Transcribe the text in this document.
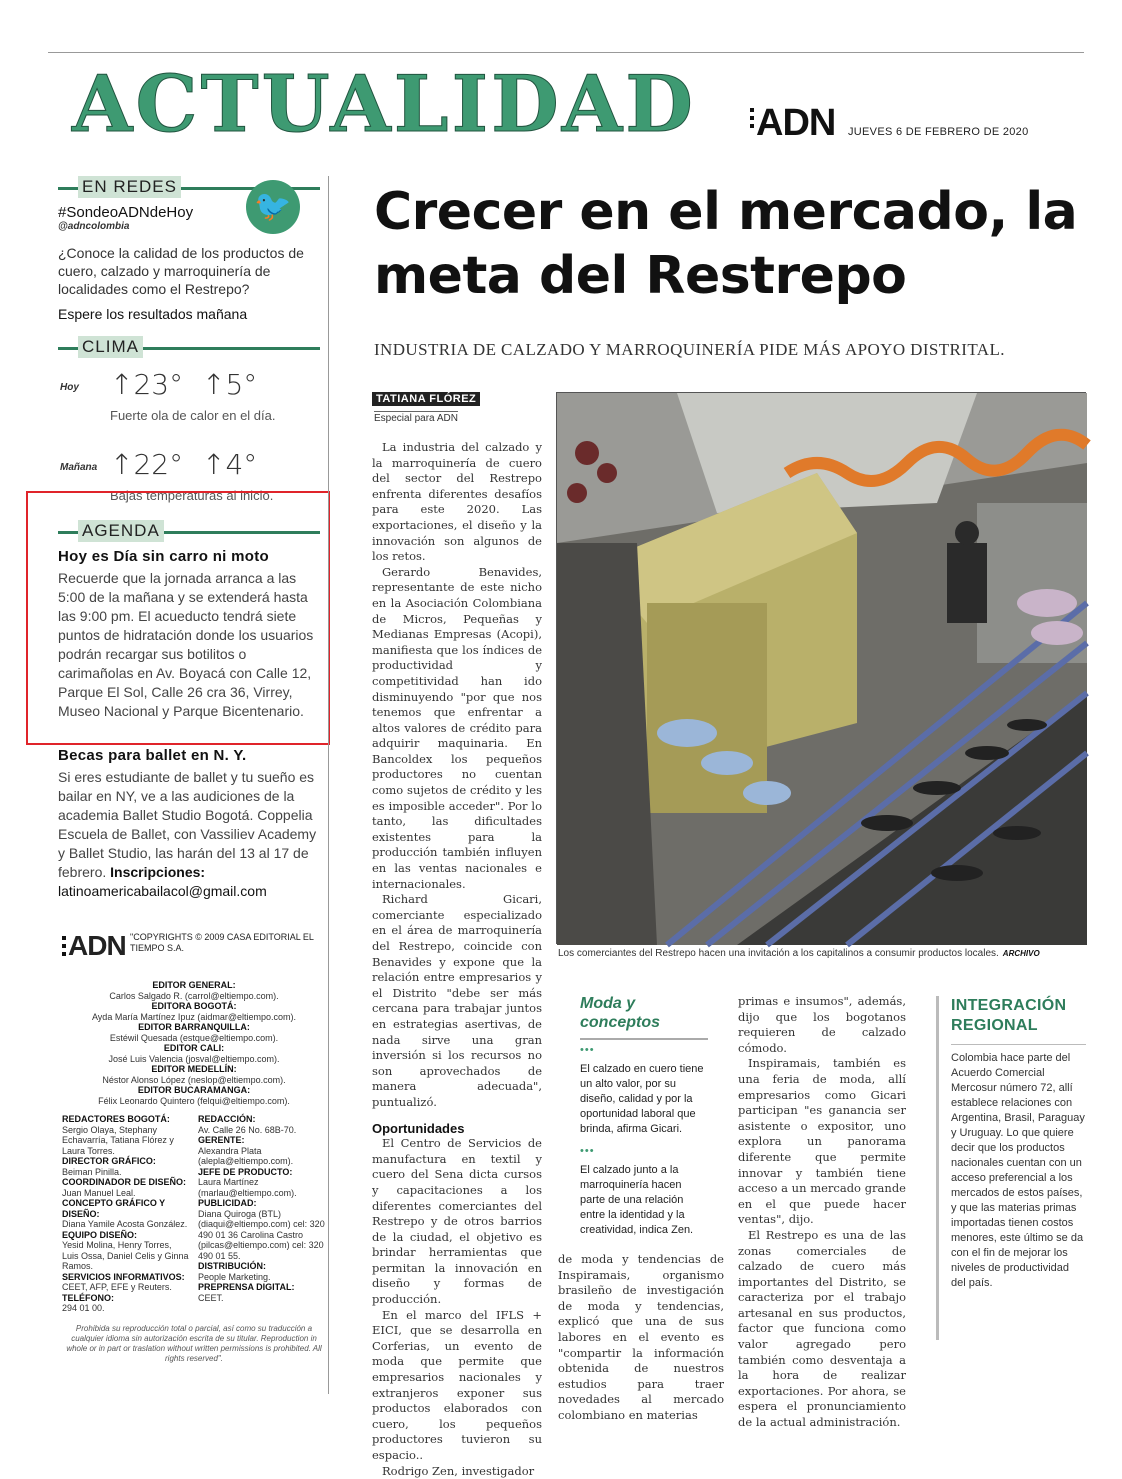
ACTUALIDAD ADN JUEVES 6 DE FEBRERO DE 2020
EN REDES
🐦
#SondeoADNdeHoy
@adncolombia
¿Conoce la calidad de los productos de cuero, calzado y marroquinería de localidades como el Restrepo?
Espere los resultados mañana
CLIMA
Hoy ↑23° ↑5°
Fuerte ola de calor en el día.
Mañana ↑22° ↑4°
Bajas temperaturas al inicio.
AGENDA
Hoy es Día sin carro ni moto
Recuerde que la jornada arranca a las 5:00 de la mañana y se extenderá hasta las 9:00 pm. El acueducto tendrá siete puntos de hidratación donde los usuarios podrán recargar sus botilitos o carimañolas en Av. Boyacá con Calle 12, Parque El Sol, Calle 26 cra 36, Virrey, Museo Nacional y Parque Bicentenario.
Becas para ballet en N. Y.
Si eres estudiante de ballet y tu sueño es bailar en NY, ve a las audiciones de la academia Ballet Studio Bogotá. Coppelia Escuela de Ballet, con Vassiliev Academy y Ballet Studio, las harán del 13 al 17 de febrero. Inscripciones: latinoamericabailacol@gmail.com
ADN "COPYRIGHTS © 2009 CASA EDITORIAL EL TIEMPO S.A.
EDITOR GENERAL:
Carlos Salgado R. (carrol@eltiempo.com).
EDITORA BOGOTÁ:
Ayda María Martínez Ipuz (aidmar@eltiempo.com).
EDITOR BARRANQUILLA:
Estéwil Quesada (estque@eltiempo.com).
EDITOR CALI:
José Luis Valencia (josval@eltiempo.com).
EDITOR MEDELLÍN:
Néstor Alonso López (neslop@eltiempo.com).
EDITOR BUCARAMANGA:
Félix Leonardo Quintero (felqui@eltiempo.com).
REDACTORES BOGOTÁ:
Sergio Olaya, Stephany Echavarría, Tatiana Flórez y Laura Torres.
DIRECTOR GRÁFICO:
Beiman Pinilla.
COORDINADOR DE DISEÑO:
Juan Manuel Leal.
CONCEPTO GRÁFICO Y DISEÑO:
Diana Yamile Acosta González.
EQUIPO DISEÑO:
Yesid Molina, Henry Torres, Luis Ossa, Daniel Celis y Ginna Ramos.
SERVICIOS INFORMATIVOS:
CEET, AFP, EFE y Reuters.
TELÉFONO:
294 01 00.
REDACCIÓN:
Av. Calle 26 No. 68B-70.
GERENTE:
Alexandra Plata (alepla@eltiempo.com).
JEFE DE PRODUCTO:
Laura Martínez (marlau@eltiempo.com).
PUBLICIDAD:
Diana Quiroga (BTL) (diaqui@eltiempo.com) cel: 320 490 01 36 Carolina Castro (pilcas@eltiempo.com) cel: 320 490 01 55.
DISTRIBUCIÓN:
People Marketing.
PREPRENSA DIGITAL:
CEET.
Prohibida su reproducción total o parcial, así como su traducción a cualquier idioma sin autorización escrita de su titular. Reproduction in whole or in part or traslation without written permissions is prohibited. All rights reserved".
Crecer en el mercado, la meta del Restrepo
INDUSTRIA DE CALZADO Y MARROQUINERÍA PIDE MÁS APOYO DISTRITAL.
TATIANA FLÓREZ
Especial para ADN

La industria del calzado y la marroquinería de cuero del sector del Restrepo enfrenta diferentes desafíos para este 2020. Las exportaciones, el diseño y la innovación son algunos de los retos.

Gerardo Benavides, representante de este nicho en la Asociación Colombiana de Micros, Pequeñas y Medianas Empresas (Acopi), manifiesta que los índices de productividad y competitividad han ido disminuyendo "por que nos tenemos que enfrentar a altos valores de crédito para adquirir maquinaria. En Bancoldex los pequeños productores no cuentan como sujetos de crédito y les es imposible acceder". Por lo tanto, las dificultades existentes para la producción también influyen en las ventas nacionales e internacionales.

Richard Gicari, comerciante especializado en el área de marroquinería del Restrepo, coincide con Benavides y expone que la relación entre empresarios y el Distrito "debe ser más cercana para trabajar juntos en estrategias asertivas, de nada sirve una gran inversión si los recursos no son aprovechados de manera adecuada", puntualizó.

Oportunidades

El Centro de Servicios de manufactura en textil y cuero del Sena dicta cursos y capacitaciones a los diferentes comerciantes del Restrepo y de otros barrios de la ciudad, el objetivo es brindar herramientas que permitan la innovación en diseño y formas de producción.

En el marco del IFLS + EICI, que se desarrolla en Corferias, un evento de moda que permite que empresarios nacionales y extranjeros exponer sus productos elaborados con cuero, los pequeños productores tuvieron su espacio..

Rodrigo Zen, investigador

Los comerciantes del Restrepo hacen una invitación a los capitalinos a consumir productos locales. ARCHIVO
Moda y conceptos
•••
El calzado en cuero tiene un alto valor, por su diseño, calidad y por la oportunidad laboral que brinda, afirma Gicari.
•••
El calzado junto a la marroquinería hacen parte de una relación entre la identidad y la creatividad, indica Zen.
de moda y tendencias de Inspiramais, organismo brasileño de investigación de moda y tendencias, explicó que una de sus labores en el evento es "compartir la información obtenida de nuestros estudios para traer novedades al mercado colombiano en materias

primas e insumos", además, dijo que los bogotanos requieren de calzado cómodo.

Inspiramais, también es una feria de moda, allí empresarios como Gicari participan "es ganancia ser asistente o expositor, uno explora un panorama diferente que permite innovar y también tiene acceso a un mercado grande en el que puede hacer ventas", dijo.

El Restrepo es una de las zonas comerciales de calzado de cuero más importantes del Distrito, se caracteriza por el trabajo artesanal en sus productos, factor que funciona como valor agregado pero también como desventaja a la hora de realizar exportaciones. Por ahora, se espera el pronunciamiento de la actual administración.

INTEGRACIÓN REGIONAL
Colombia hace parte del Acuerdo Comercial Mercosur número 72, allí establece relaciones con Argentina, Brasil, Paraguay y Uruguay. Lo que quiere decir que los productos nacionales cuentan con un acceso preferencial a los mercados de estos países, y que las materias primas importadas tienen costos menores, este último se da con el fin de mejorar los niveles de productividad del país.
